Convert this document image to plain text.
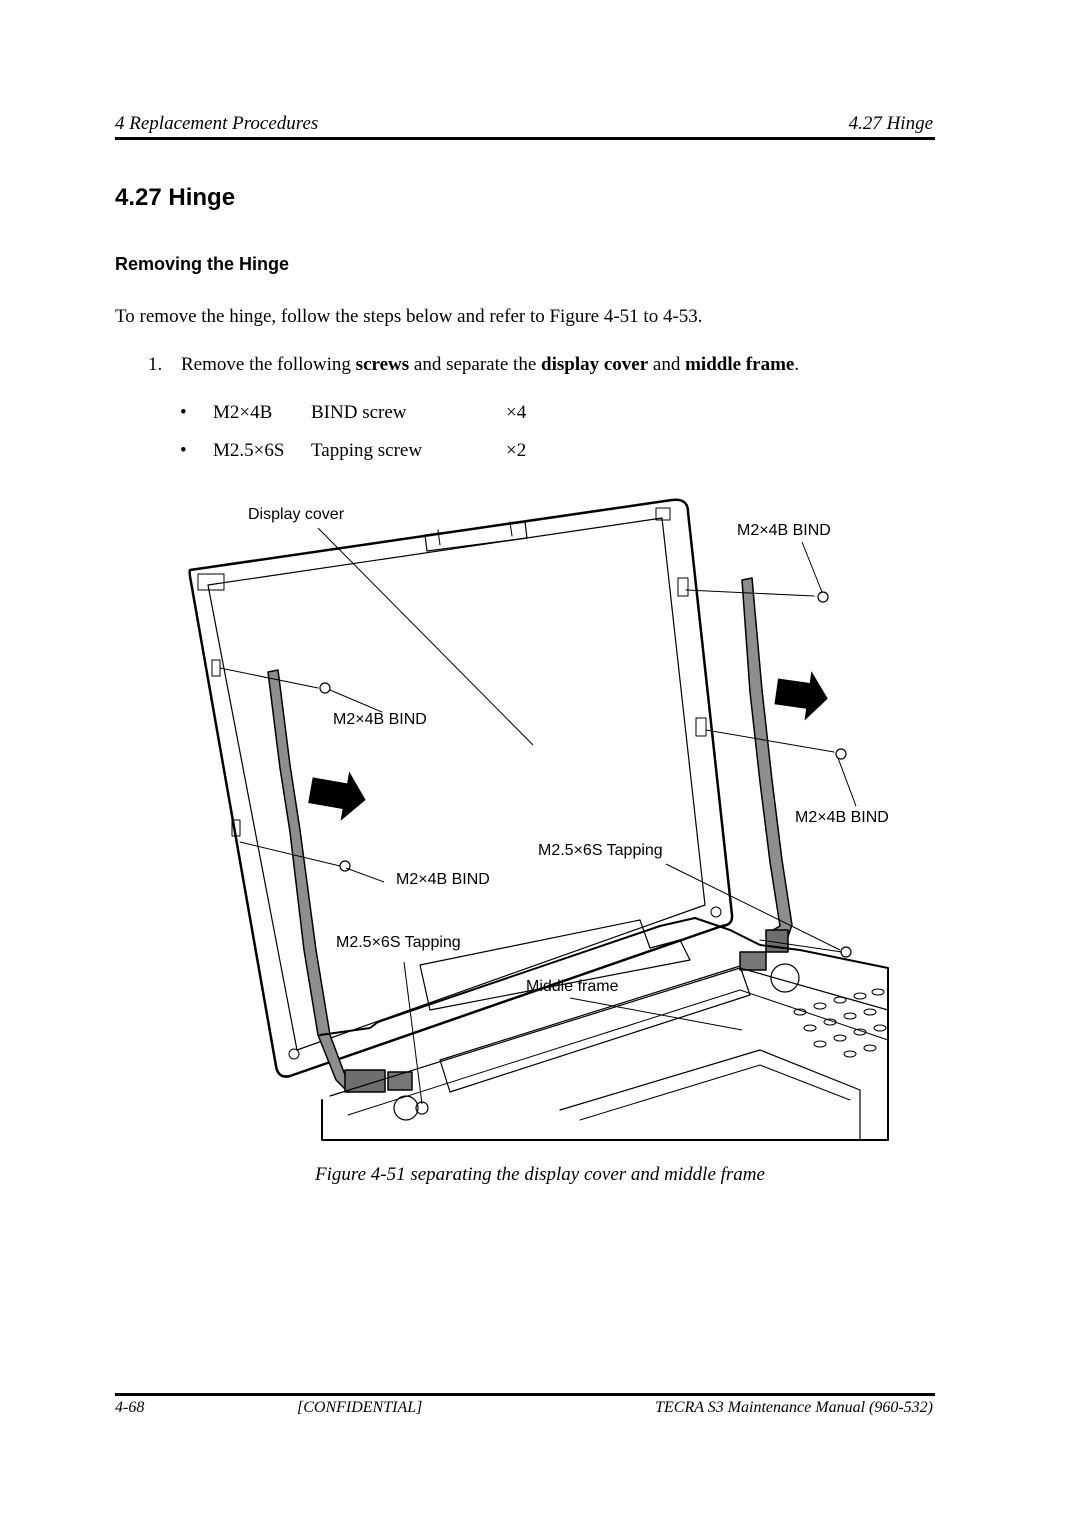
4 Replacement Procedures	4.27 Hinge
4.27 Hinge
Removing the Hinge
To remove the hinge, follow the steps below and refer to Figure 4-51 to 4-53.
1. Remove the following screws and separate the display cover and middle frame.
• M2×4B BIND screw	×4
• M2.5×6S Tapping screw	×2
Display cover
M2×4B BIND
M2×4B BIND
M2×4B BIND
M2.5×6S Tapping
M2×4B BIND
M2.5×6S Tapping
Middle frame
Figure 4-51 separating the display cover and middle frame
4-68	[CONFIDENTIAL]	TECRA S3 Maintenance Manual (960-532)
